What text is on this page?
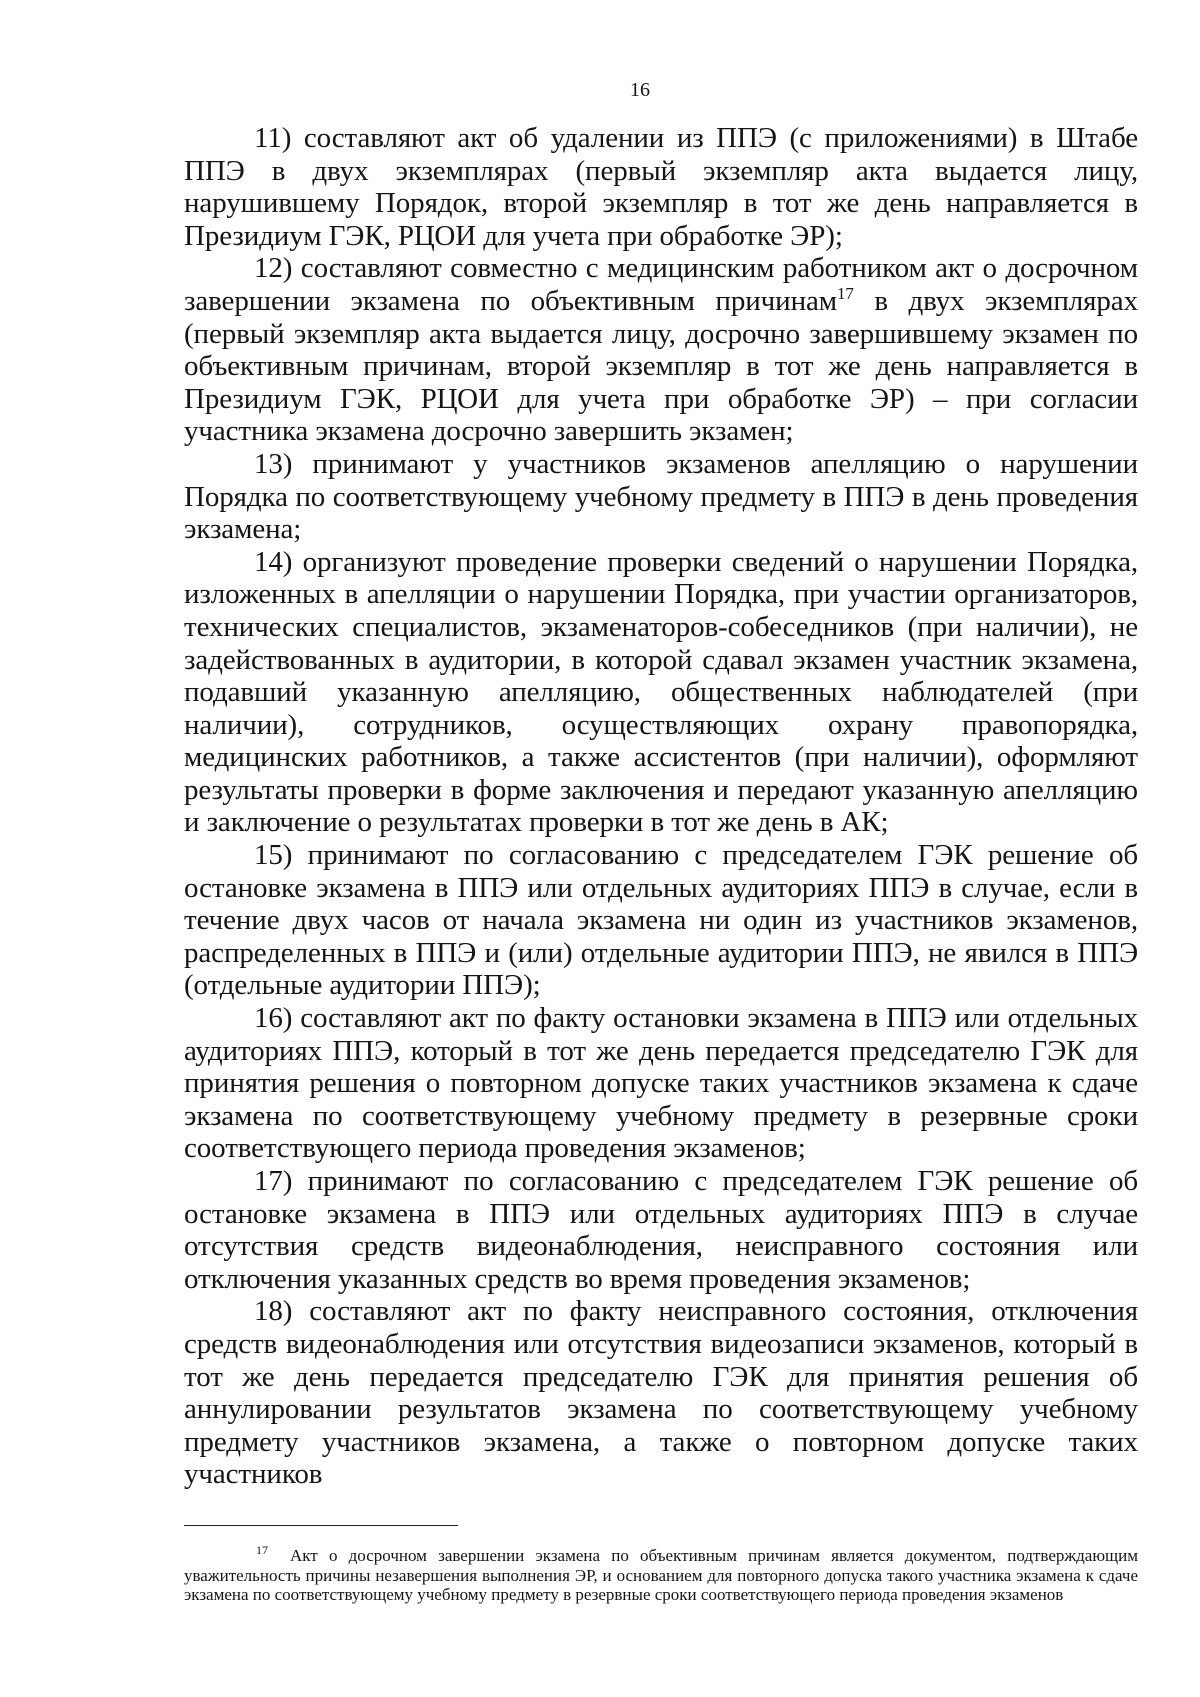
16

11) составляют акт об удалении из ППЭ (с приложениями) в Штабе ППЭ в двух экземплярах (первый экземпляр акта выдается лицу, нарушившему Порядок, второй экземпляр в тот же день направляется в Президиум ГЭК, РЦОИ для учета при обработке ЭР);

12) составляют совместно с медицинским работником акт о досрочном завершении экзамена по объективным причинам$^{17}$ в двух экземплярах (первый экземпляр акта выдается лицу, досрочно завершившему экзамен по объективным причинам, второй экземпляр в тот же день направляется в Президиум ГЭК, РЦОИ для учета при обработке ЭР) – при согласии участника экзамена досрочно завершить экзамен;

13) принимают у участников экзаменов апелляцию о нарушении Порядка по соответствующему учебному предмету в ППЭ в день проведения экзамена;

14) организуют проведение проверки сведений о нарушении Порядка, изложенных в апелляции о нарушении Порядка, при участии организаторов, технических специалистов, экзаменаторов-собеседников (при наличии), не задействованных в аудитории, в которой сдавал экзамен участник экзамена, подавший указанную апелляцию, общественных наблюдателей (при наличии), сотрудников, осуществляющих охрану правопорядка, медицинских работников, а также ассистентов (при наличии), оформляют результаты проверки в форме заключения и передают указанную апелляцию и заключение о результатах проверки в тот же день в АК;

15) принимают по согласованию с председателем ГЭК решение об остановке экзамена в ППЭ или отдельных аудиториях ППЭ в случае, если в течение двух часов от начала экзамена ни один из участников экзаменов, распределенных в ППЭ и (или) отдельные аудитории ППЭ, не явился в ППЭ (отдельные аудитории ППЭ);

16) составляют акт по факту остановки экзамена в ППЭ или отдельных аудиториях ППЭ, который в тот же день передается председателю ГЭК для принятия решения о повторном допуске таких участников экзамена к сдаче экзамена по соответствующему учебному предмету в резервные сроки соответствующего периода проведения экзаменов;

17) принимают по согласованию с председателем ГЭК решение об остановке экзамена в ППЭ или отдельных аудиториях ППЭ в случае отсутствия средств видеонаблюдения, неисправного состояния или отключения указанных средств во время проведения экзаменов;

18) составляют акт по факту неисправного состояния, отключения средств видеонаблюдения или отсутствия видеозаписи экзаменов, который в тот же день передается председателю ГЭК для принятия решения об аннулировании результатов экзамена по соответствующему учебному предмету участников экзамена, а также о повторном допуске таких участников

$^{17}$ Акт о досрочном завершении экзамена по объективным причинам является документом, подтверждающим уважительность причины незавершения выполнения ЭР, и основанием для повторного допуска такого участника экзамена к сдаче экзамена по соответствующему учебному предмету в резервные сроки соответствующего периода проведения экзаменов
